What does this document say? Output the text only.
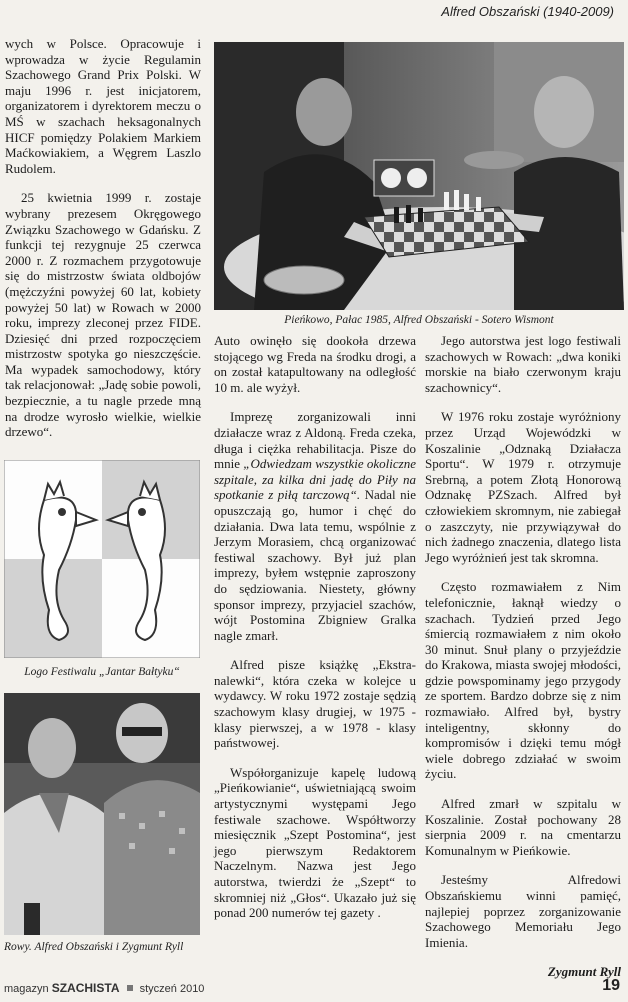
Alfred Obszański (1940-2009)

wych w Polsce. Opracowuje i wprowadza w życie Regulamin Szachowego Grand Prix Polski. W maju 1996 r. jest inicjatorem, organizatorem i dyrektorem meczu o MŚ w szachach heksagonalnych HICF pomiędzy Polakiem Markiem Maćkowiakiem, a Węgrem Laszlo Rudolem.

25 kwietnia 1999 r. zostaje wybrany prezesem Okręgowego Związku Szachowego w Gdańsku. Z funkcji tej rezygnuje 25 czerwca 2000 r. Z rozmachem przygotowuje się do mistrzostw świata oldbojów (mężczyźni powyżej 60 lat, kobiety powyżej 50 lat) w Rowach w 2000 roku, imprezy zleconej przez FIDE. Dziesięć dni przed rozpoczęciem mistrzostw spotyka go nieszczęście. Ma wypadek samochodowy, który tak relacjonował: „Jadę sobie powoli, bezpiecznie, a tu nagle przede mną na drodze wyrosło wielkie, wielkie drzewo“.

Pieńkowo, Pałac 1985, Alfred Obszański - Sotero Wismont
Logo Festiwalu „Jantar Bałtyku“
Rowy. Alfred Obszański i Zygmunt Ryll

Auto owinęło się dookoła drzewa stojącego wg Freda na środku drogi, a on został katapultowany na odległość 10 m. ale wyżył.

Imprezę zorganizowali inni działacze wraz z Aldoną. Freda czeka, długa i ciężka rehabilitacja. Pisze do mnie „Odwiedzam wszystkie okoliczne szpitale, za kilka dni jadę do Piły na spotkanie z piłą tarczową“. Nadal nie opuszczają go, humor i chęć do działania. Dwa lata temu, wspólnie z Jerzym Morasiem, chcą organizować festiwal szachowy. Był już plan imprezy, byłem wstępnie zaproszony do sędziowania. Niestety, główny sponsor imprezy, przyjaciel szachów, wójt Postomina Zbigniew Gralka nagle zmarł.

Alfred pisze książkę „Ekstra-nalewki“, która czeka w kolejce u wydawcy. W roku 1972 zostaje sędzią szachowym klasy drugiej, w 1975 - klasy pierwszej, a w 1978 - klasy państwowej.

Współorganizuje kapelę ludową „Pieńkowianie“, uświetniającą swoim artystycznymi występami Jego festiwale szachowe. Współtworzy miesięcznik „Szept Postomina“, jest jego pierwszym Redaktorem Naczelnym. Nazwa jest Jego autorstwa, twierdzi że „Szept“ to skromniej niż „Głos“. Ukazało już się ponad 200 numerów tej gazety .

Jego autorstwa jest logo festiwali szachowych w Rowach: „dwa koniki morskie na biało czerwonym kraju szachownicy“.

W 1976 roku zostaje wyróżniony przez Urząd Wojewódzki w Koszalinie „Odznaką Działacza Sportu“. W 1979 r. otrzymuje Srebrną, a potem Złotą Honorową Odznakę PZSzach. Alfred był człowiekiem skromnym, nie zabiegał o zaszczyty, nie przywiązywał do nich żadnego znaczenia, dlatego lista Jego wyróżnień jest tak skromna.

Często rozmawiałem z Nim telefonicznie, łaknął wiedzy o szachach. Tydzień przed Jego śmiercią rozmawiałem z nim około 30 minut. Snuł plany o przyjeździe do Krakowa, miasta swojej młodości, gdzie powspominamy jego przygody ze sportem. Bardzo dobrze się z nim rozmawiało. Alfred był, bystry inteligentny, skłonny do kompromisów i dzięki temu mógł wiele dobrego zdziałać w swoim życiu.

Alfred zmarł w szpitalu w Koszalinie. Został pochowany 28 sierpnia 2009 r. na cmentarzu Komunalnym w Pieńkowie.

Jesteśmy Alfredowi Obszańskiemu winni pamięć, najlepiej poprzez zorganizowanie Szachowego Memoriału Jego Imienia.

Zygmunt Ryll

magazyn SZACHISTA styczeń 2010	19
